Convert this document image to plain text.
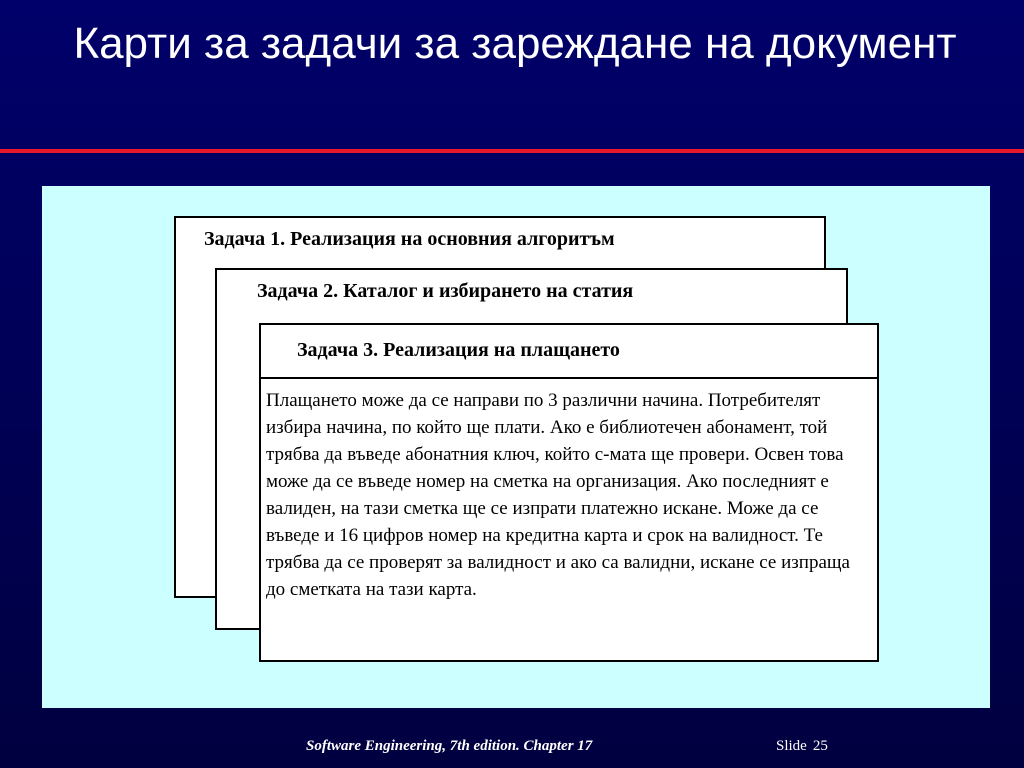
Карти за задачи за зареждане на документ
Задача 1. Реализация на основния алгоритъм
Задача 2. Каталог и избирането на статия
Задача 3. Реализация на плащането
Плащането може да се направи по 3 различни начина. Потребителят избира начина, по който ще плати. Ако е библиотечен абонамент, той трябва да въведе абонатния ключ, който с-мата ще провери. Освен това може да се въведе номер на сметка на организация. Ако последният е валиден, на тази сметка ще се изпрати платежно искане. Може да се въведе и 16 цифров номер на кредитна карта и срок на валидност. Те трябва да се проверят за валидност и ако са валидни, искане се изпраща до сметката на тази карта.
Software Engineering, 7th edition. Chapter 17	Slide 25
